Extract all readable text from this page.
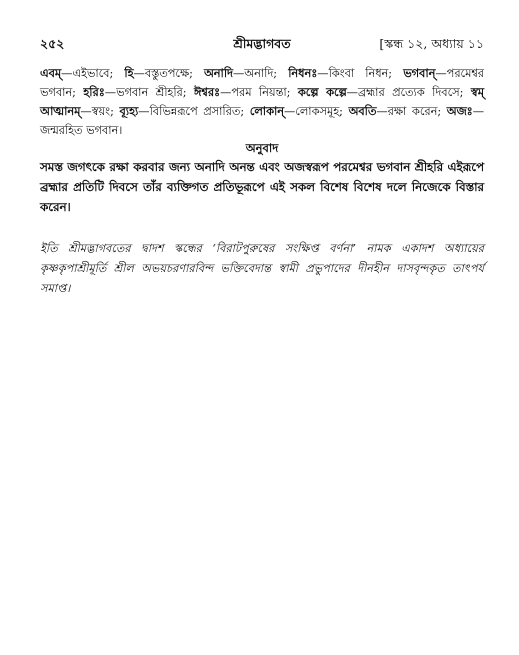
২৫২	শ্রীমদ্ভাগবত	[স্কন্ধ ১২, অধ্যায় ১১
এবম্—এইভাবে; হি—বস্তুতপক্ষে; অনাদি—অনাদি; নিধনঃ—কিংবা নিধন; ভগবান্—পরমেশ্বর ভগবান; হরিঃ—ভগবান শ্রীহরি; ঈশ্বরঃ—পরম নিয়ন্তা; কল্পে কল্পে—ব্রহ্মার প্রত্যেক দিবসে; স্বম্ আত্মানম্—স্বয়ং; ব্যূহ্য—বিভিন্নরূপে প্রসারিত; লোকান্—লোকসমূহ; অবতি—রক্ষা করেন; অজঃ—জন্মরহিত ভগবান।
অনুবাদ
সমস্ত জগৎকে রক্ষা করবার জন্য অনাদি অনন্ত এবং অজস্বরূপ পরমেশ্বর ভগবান শ্রীহরি এইরূপে ব্রহ্মার প্রতিটি দিবসে তাঁর ব্যক্তিগত প্রতিভূরূপে এই সকল বিশেষ বিশেষ দলে নিজেকে বিস্তার করেন।
ইতি শ্রীমদ্ভাগবতের দ্বাদশ স্কন্ধের ‘বিরাটপুরুষের সংক্ষিপ্ত বর্ণনা’ নামক একাদশ অধ্যায়ের কৃষ্ণকৃপাশ্রীমূর্তি শ্রীল অভয়চরণারবিন্দ ভক্তিবেদান্ত স্বামী প্রভুপাদের দীনহীন দাসবৃন্দকৃত তাৎপর্য সমাপ্ত।
